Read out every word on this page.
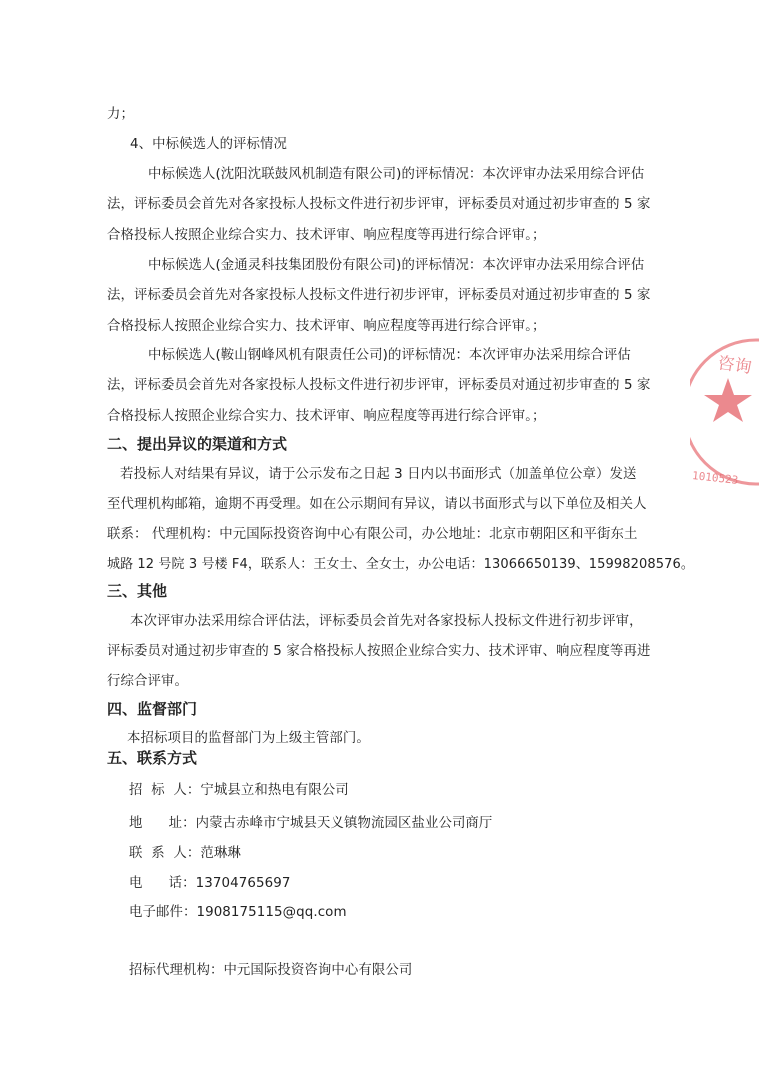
力；
4、中标候选人的评标情况
中标候选人(沈阳沈联鼓风机制造有限公司)的评标情况：本次评审办法采用综合评估
法，评标委员会首先对各家投标人投标文件进行初步评审，评标委员对通过初步审查的 5 家
合格投标人按照企业综合实力、技术评审、响应程度等再进行综合评审。；
中标候选人(金通灵科技集团股份有限公司)的评标情况：本次评审办法采用综合评估
法，评标委员会首先对各家投标人投标文件进行初步评审，评标委员对通过初步审查的 5 家
合格投标人按照企业综合实力、技术评审、响应程度等再进行综合评审。；
中标候选人(鞍山钢峰风机有限责任公司)的评标情况：本次评审办法采用综合评估
法，评标委员会首先对各家投标人投标文件进行初步评审，评标委员对通过初步审查的 5 家
合格投标人按照企业综合实力、技术评审、响应程度等再进行综合评审。；
二、提出异议的渠道和方式
若投标人对结果有异议，请于公示发布之日起 3 日内以书面形式（加盖单位公章）发送
至代理机构邮箱，逾期不再受理。如在公示期间有异议，请以书面形式与以下单位及相关人
联系： 代理机构：中元国际投资咨询中心有限公司，办公地址：北京市朝阳区和平街东土
城路 12 号院 3 号楼 F4，联系人：王女士、全女士，办公电话：13066650139、15998208576。
三、其他
本次评审办法采用综合评估法，评标委员会首先对各家投标人投标文件进行初步评审，
评标委员对通过初步审查的 5 家合格投标人按照企业综合实力、技术评审、响应程度等再进
行综合评审。
四、监督部门
本招标项目的监督部门为上级主管部门。
五、联系方式
招  标  人：宁城县立和热电有限公司
地      址：内蒙古赤峰市宁城县天义镇物流园区盐业公司商厅
联  系  人：范琳琳
电      话：13704765697
电子邮件：1908175115@qq.com
招标代理机构：中元国际投资咨询中心有限公司
咨询
1010523
